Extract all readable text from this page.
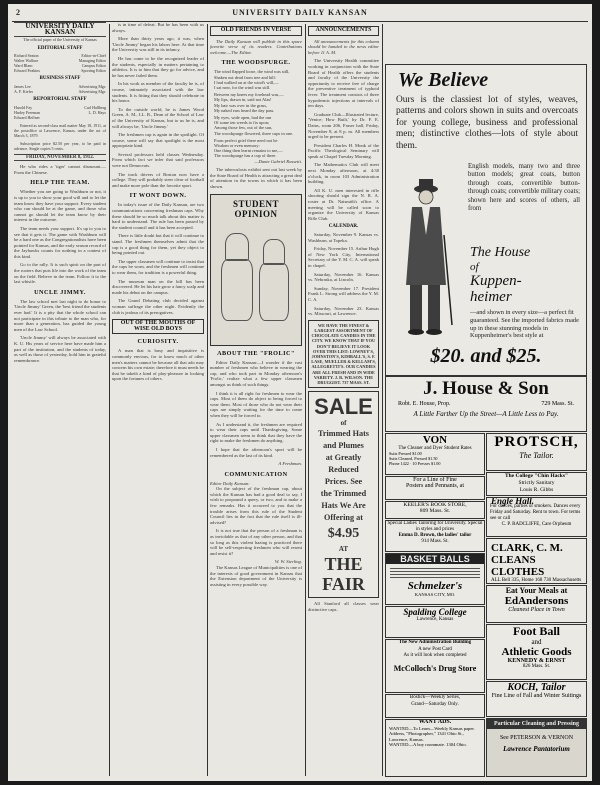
2	UNIVERSITY DAILY KANSAN
UNIVERSITY DAILY KANSAN
The official paper of the University of Kansas
EDITORIAL STAFF
Richard Seaton	Editor-in-Chief
Walter Wallace	Managing Editor
Ward Blanc	Campus Editor
Edward Feakins	Sporting Editor
BUSINESS STAFF
James Lee	Advertising Mgr.
A. F. Kiefer	Advertising Mgr.
REPORTORIAL STAFF
Harold Fay	Carl Hallberg
Harley Freeman	L. D. Hays
Edward Heffner

Entered as second-class mail matter May 18, 1911, at the postoffice at Lawrence, Kansas, under the act of March 3, 1879.

Subscription price $2.50 per year, to be paid in advance. Single copies 5 cents.

FRIDAY, NOVEMBER 8, 1912.

He who rides a 'tiger' cannot dismount.—From the Chinese.

HELP THE TEAM.

Whether you are going to Washburn or not, it is up to you to show your good will and to let the team know they have your support. Every student who can should be at the game, and those who cannot go should let the team know by their interest in the outcome.

The team needs your support. It's up to you to see that it gets it. The game with Washburn will be a hard one as the Congregationalists have been pointed for Kansas, and the early season record of the Jayhawks counts for nothing in a contest of this kind.

Go to the rally. It is such spirit on the part of the rooters that puts life into the work of the team on the field. Believe in the team. Follow it to the last whistle.

UNCLE JIMMY.

The law school met last night to do honor to 'Uncle Jimmy' Green, the 'best friend the students ever had.' It is a pity that the whole school can not participate in this tribute to the man who, for more than a generation, has guided the young men of the Law School.

'Uncle Jimmy' will always be associated with K. U. His years of service here have made him a part of the institution, and the students of today, as well as those of yesterday, hold him in grateful remembrance.

is in time of defeat. But he has been with us always.

More than thirty years ago, it was, when 'Uncle Jimmy' began his labors here. At that time the University was still in its infancy.

He has come to be the recognized leader of the students, especially in matters pertaining to athletics. It is to him that they go for advice, and he has never failed them.

In his work as member of the faculty he is, of course, intimately associated with the law students. It is fitting that they should celebrate in his honor.

To the outside world, he is James Wood Green, A. M., LL. B., Dean of the School of Law of the University of Kansas, but to us he is, and will always be, 'Uncle Jimmy.'

The freshmen cap is again in the spotlight. Of course, some will say that spotlight is the most appropriate kind.

Several professors held classes Wednesday. From which fact we infer that said professors were not Democrats.

The track drivers of Boston now have a college. They will probably steer clear of football and make more pole than the favorite sport.

IT WONT DOWN.

In today's issue of the Daily Kansan, are two communications concerning freshman caps. Why these should be so much talk about this matter is hard to understand. The rule has been passed by the student council and it has been accepted.

There is little doubt but that it will continue to stand. The freshmen themselves admit that the cap is a good thing for them, yet they object to being pointed out.

The upper classmen will continue to insist that the caps be worn, and the freshmen will continue to wear them, for tradition is a powerful thing.

The museum man on the hill has been discovered. He let his hair grow a fancy scalp and made his debut on the campus.

The Grand Debating club decided against woman suffrage the other night. Evidently the club is jealous of its prerogatives.

OUT OF THE MOUTHS OF WISE OLD BOYS
CURIOSITY.

A man that is busy and inquisitive is commonly envious, for to know much of other men's matters cannot be because all that ado may concern his own estate; therefore it must needs be that he taketh a kind of play-pleasure in looking upon the fortunes of others.

OLD FRIENDS IN VERSE

The Daily Kansan will publish in this space favorite verse of its readers. Contributions welcome.—The Editor.

THE WOODSPURGE.
The wind flapped loose, the wind was still,
Shaken out dead from tree and hill:
I had walked on at the wind's will,—
I sat now, for the wind was still.
Between my knees my forehead was,—
My lips, drawn in, said not Alas!
My hair was over in the grass,
My naked ears heard the day pass.
My eyes, wide open, had the run
Of some ten weeds to fix upon;
Among those few, out of the sun,
The woodspurge flowered, three cups in one.
From perfect grief there need not be
Wisdom or even memory:
One thing then learnt remains to me,—
The woodspurge has a cup of three.
—Dante Gabriel Rossetti.

The tuberculosis exhibit sent out last week by the State Board of Health is attracting a great deal of attention in the towns in which it has been shown.

STUDENT OPINION
ABOUT THE "FROLIC"

Editor Daily Kansan:—I wonder if the vast number of freshmen who believe in wearing the cap, and who took part in Monday afternoon's 'Frolic,' realize what a few upper classmen amongst us think of such things.

I think it is all right for freshmen to wear the caps. Most of them do object to being forced to wear them. Most of those who do not wear their caps are simply waiting for the time to come when they will be forced to.

As I understand it, the freshmen are required to wear their caps until Thanksgiving. Some upper classmen seem to think that they have the right to make the freshmen do anything.

I hope that the afternoon's sport will be remembered as the last of its kind.

A Freshman.
COMMUNICATION
Editor Daily Kansan:

On the subject of the freshman cap, about which the Kansan has had a good deal to say, I wish to propound a query, or two, and to make a few remarks. Has it occurred to you that the trouble arises from this rule of the Student Council lies in the fact that the rule itself is ill-advised?

It is not true that the person of a freshman is as inviolable as that of any other person, and that so long as this violent hazing is practiced there will be self-respecting freshmen who will resent and resist it?

W. W. Sterling.

The Kansas League of Municipalities is one of the interests of good government in Kansas that the Extension department of the University is assisting in every possible way.

ANNOUNCEMENTS

All announcements for this column should be handed to the news editor before 11 A. M.

The University Health committee working in conjunction with the State Board of Health offers the students and faculty of the University the opportunity to receive free of charge the preventive treatment of typhoid fever. The treatment consists of three hypodermic injections at intervals of ten days.

Graduate Club—Illustrated lecture, 'Venice; How Built,' by Dr. F. E. Dains, room 206, Fraser hall, Friday, November 8, at 8 p. m. All members urged to be present.

President Charles H. Monk of the Pacific Theological Seminary will speak at Chapel Tuesday Morning.

The Mathematics Club will meet next Monday afternoon, at 4:30 o'clock, in room 103 Administration building.

All K. U. men interested in rifle shooting should sign the N. R. A. roster at Dr. Naismith's office. A meeting will be called soon to organize the University of Kansas Rifle Club.

CALENDAR.

Saturday, November 9. Kansas vs. Washburn, at Topeka.

Friday, November 15. Arthur Hugh of New York City, International Secretary of the Y. M. C. A. will speak in chapel.

Saturday, November 16. Kansas vs. Nebraska, at Lincoln.

Sunday, November 17. President Frank L. Strong will address the Y. M. C. A.

Saturday, November 23. Kansas vs. Missouri, at Lawrence.

WE HAVE THE FINEST & LARGEST ASSORTMENT OF CHOCOLATE CANDIES IN THE CITY. WE KNOW THAT IF YOU DON'T BELIEVE IT LOOK OVER THIS LIST: LOWNEY'S, JOHNSTON'S, KIMBALL'S, S. F. LASE, MUELLER & KELLAM'S, ALLEGRETTI'S. OUR CANDIES ARE ALL FRESH AND IN WIDE VARIETY. J. R. WILSON. THE DRUGGIST. 737 MASS. ST.
SALE
of
Trimmed Hats
and Plumes
at Greatly
Reduced
Prices. See
the Trimmed
Hats We Are
Offering at
$4.95
AT
THE
FAIR

All Stanford all classes wear distinctive caps.

We Believe
Ours is the classiest lot of styles, weaves, patterns and colors shown in suits and overcoats for young college, business and professional men; distinctive clothes—lots of style about them.
English models, many two and three button models; great coats, button through coats, convertible button-through coats; convertible military coats; shown here and scores of others, all from
The House
of
Kuppen-
heimer
—and shown in every size—a perfect fit guaranteed. See the imported fabrics made up in these stunning models in Kuppenheimer's best style at
$20. and $25.
J. House & Son
Robt. E. House, Prop.	729 Mass. St.
A Little Farther Up the Street—A Little Less to Pay.
VON
The Cleaner and Dyer Student Rates
Suits Pressed $1.00
Suits Cleaned, Pressed $1.50
Phone 1422 · 10 Presses $1.00
For a Line of Fine
Posters and Pennants, at
KEELER'S BOOK STORE,
809 Mass. St.
Special Ladies Tailoring for University. Special in styles and prices
Emma D. Brown, the ladies' tailor
914 Mass. St.
BASKET BALLS
Schmelzer's
KANSAS CITY, MO.
Spalding College
Lawrence, Kansas
The New Administration Building
A new Post Card
As it will look when completed
McColloch's Drug Store
Bostick—Weekly Series,
Grand—Saturday Only.
WANT ADS.
WANTED—To Learn—Weekly Kansas paper. Address, "Photographer," 1341 Ohio St., Lawrence, Kansas.
WANTED—A boy roommate. 1304 Ohio.
PROTSCH,
The Tailor.
The College "Chin Hacks"
Strictly Sanitary
Louis R. Gibbs
Engle Hall.
For dances, parties or smokers. Dances every Friday and Saturday. Rent to town. For terms see or call
C. P. RADCLIFFE, Care Orpheum
CLARK, C. M. CLEANS CLOTHES
ALL Bell 335, Home 168 730 Massachusetts
Eat Your Meals at
EdAndersons
Cleanest Place in Town
Foot Ball
and
Athletic Goods
KENNEDY & ERNST
826 Mass. St.
KOCH, Tailor
Fine Line of Fall and Winter Suitings
Particular Cleaning and Pressing
See PETERSON & VERNON
Lawrence Pantatorium
